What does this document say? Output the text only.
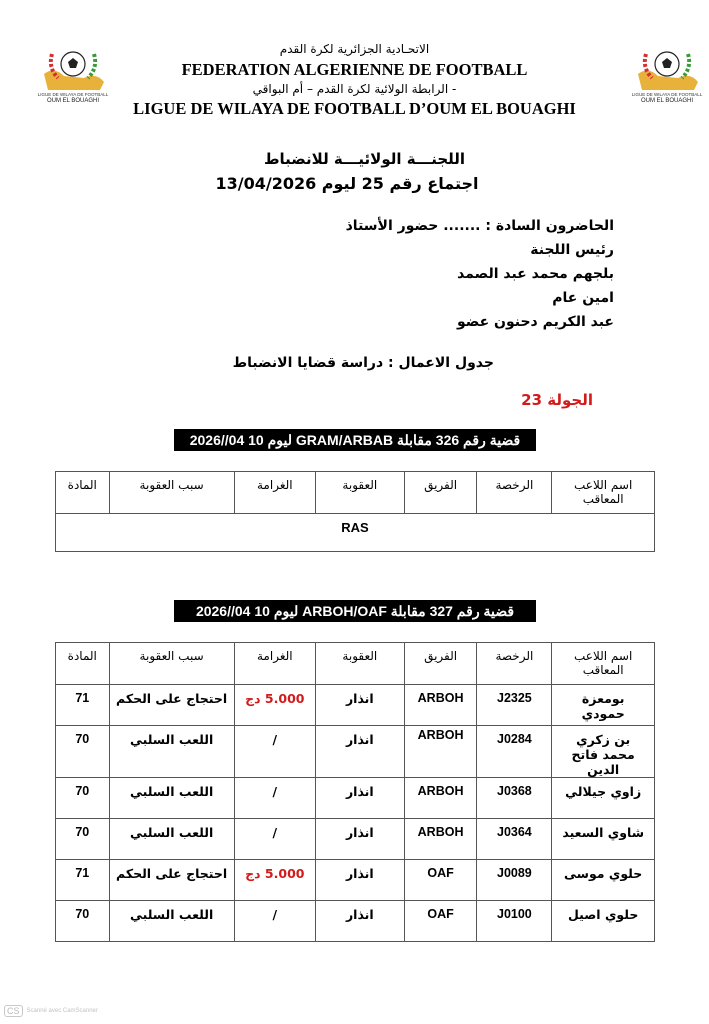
LIGUE DE WILAYA DE FOOTBALL
OUM EL BOUAGHI
LIGUE DE WILAYA DE FOOTBALL
OUM EL BOUAGHI
الاتحـادية الجزائرية لكرة القدم
FEDERATION ALGERIENNE DE FOOTBALL
- الرابطة الولائية لكرة القدم – أم البواقي
LIGUE DE WILAYA DE FOOTBALL D’OUM EL BOUAGHI
اللجنـــة الولائيـــة للانضباط
اجتماع رقم 25 ليوم 13/04/2026
الحاضرون السادة : ....... حضور الأستاذ
رئيس اللجنة
بلجهم محمد عبد الصمد
امين عام
عبد الكريم دحنون عضو
جدول الاعمال : دراسة قضايا الانضباط
الجولة 23
قضية رقم 326 مقابلة GRAM/ARBAB ليوم 10 04//2026
اسم اللاعب المعاقب	الرخصة	الفريق	العقوبة	الغرامة	سبب العقوبة	المادة
RAS
قضية رقم 327 مقابلة ARBOH/OAF ليوم 10 04//2026
اسم اللاعب المعاقب	الرخصة	الفريق	العقوبة	الغرامة	سبب العقوبة	المادة
بومعزة حمودي	J2325	ARBOH	انذار	5.000 دج	احتجاج على الحكم	71
بن زكري محمد فاتح الدين	J0284	ARBOH	انذار	/	اللعب السلبي	70
زاوي جيلالي	J0368	ARBOH	انذار	/	اللعب السلبي	70
شاوي السعيد	J0364	ARBOH	انذار	/	اللعب السلبي	70
حلوي موسى	J0089	OAF	انذار	5.000 دج	احتجاج على الحكم	71
حلوي اصيل	J0100	OAF	انذار	/	اللعب السلبي	70
CS	Scanné avec CamScanner
